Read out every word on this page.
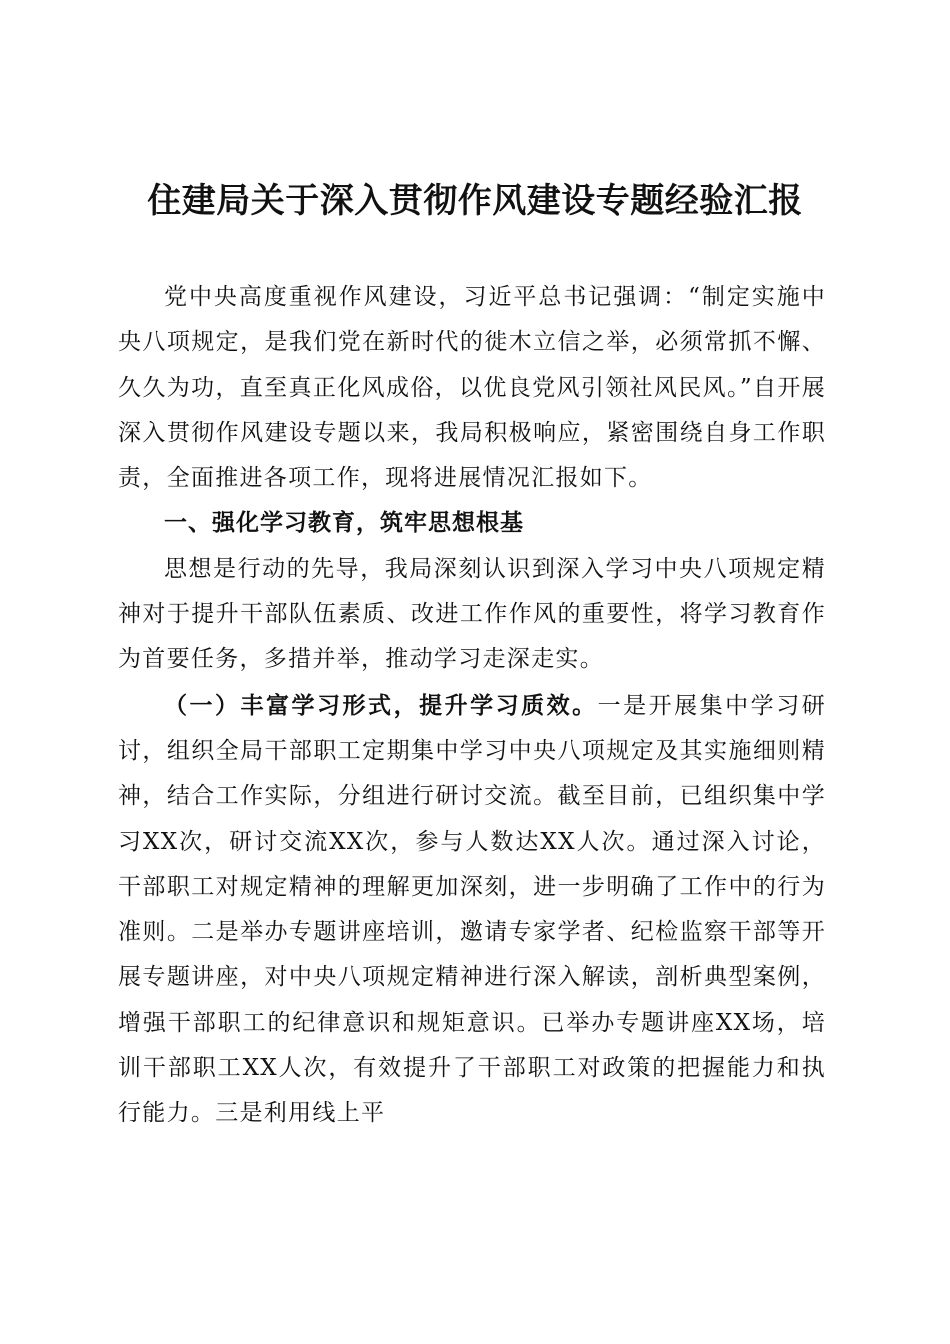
住建局关于深入贯彻作风建设专题经验汇报

党中央高度重视作风建设，习近平总书记强调：“制定实施中央八项规定，是我们党在新时代的徙木立信之举，必须常抓不懈、久久为功，直至真正化风成俗，以优良党风引领社风民风。”自开展深入贯彻作风建设专题以来，我局积极响应，紧密围绕自身工作职责，全面推进各项工作，现将进展情况汇报如下。

一、强化学习教育，筑牢思想根基

思想是行动的先导，我局深刻认识到深入学习中央八项规定精神对于提升干部队伍素质、改进工作作风的重要性，将学习教育作为首要任务，多措并举，推动学习走深走实。

（一）丰富学习形式，提升学习质效。一是开展集中学习研讨，组织全局干部职工定期集中学习中央八项规定及其实施细则精神，结合工作实际，分组进行研讨交流。截至目前，已组织集中学习XX次，研讨交流XX次，参与人数达XX人次。通过深入讨论，干部职工对规定精神的理解更加深刻，进一步明确了工作中的行为准则。二是举办专题讲座培训，邀请专家学者、纪检监察干部等开展专题讲座，对中央八项规定精神进行深入解读，剖析典型案例，增强干部职工的纪律意识和规矩意识。已举办专题讲座XX场，培训干部职工XX人次，有效提升了干部职工对政策的把握能力和执行能力。三是利用线上平
